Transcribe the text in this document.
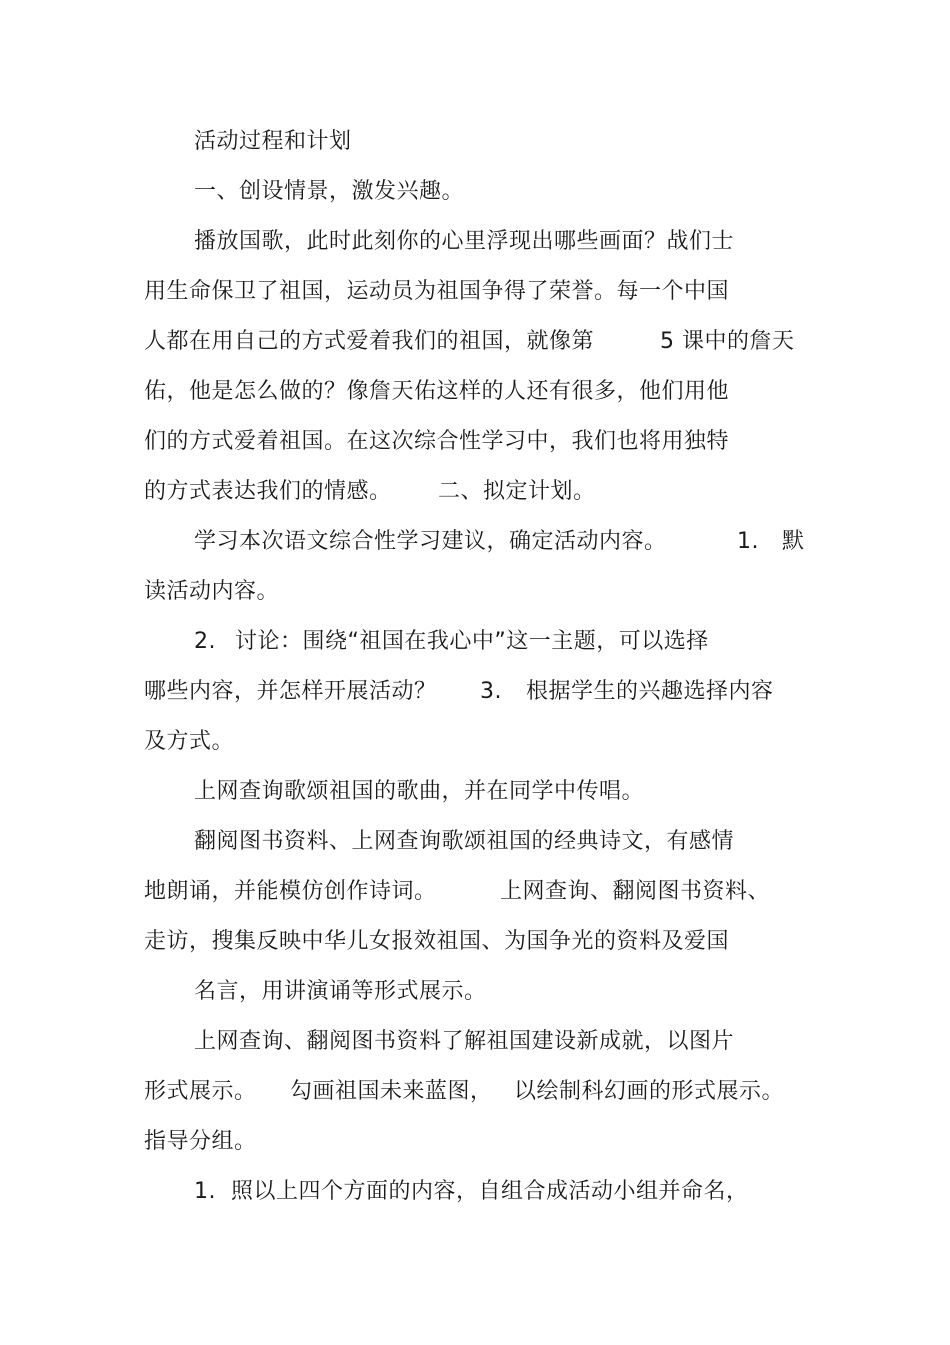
活动过程和计划
一、创设情景，激发兴趣。
播放国歌，此时此刻你的心里浮现出哪些画面？战们士
用生命保卫了祖国，运动员为祖国争得了荣誉。每一个中国
人都在用自己的方式爱着我们的祖国，就像第	5 课中的詹天
佑，他是怎么做的？像詹天佑这样的人还有很多，他们用他
们的方式爱着祖国。在这次综合性学习中，我们也将用独特
的方式表达我们的情感。 二、拟定计划。
学习本次语文综合性学习建议，确定活动内容。	1. 默
读活动内容。
2. 讨论：围绕“祖国在我心中”这一主题，可以选择
哪些内容，并怎样开展活动？ 3. 根据学生的兴趣选择内容
及方式。
上网查询歌颂祖国的歌曲，并在同学中传唱。
翻阅图书资料、上网查询歌颂祖国的经典诗文，有感情
地朗诵，并能模仿创作诗词。	上网查询、翻阅图书资料、
走访，搜集反映中华儿女报效祖国、为国争光的资料及爱国
名言，用讲演诵等形式展示。
上网查询、翻阅图书资料了解祖国建设新成就，以图片
形式展示。 勾画祖国未来蓝图， 以绘制科幻画的形式展示。
指导分组。
1. 照以上四个方面的内容，自组合成活动小组并命名，
